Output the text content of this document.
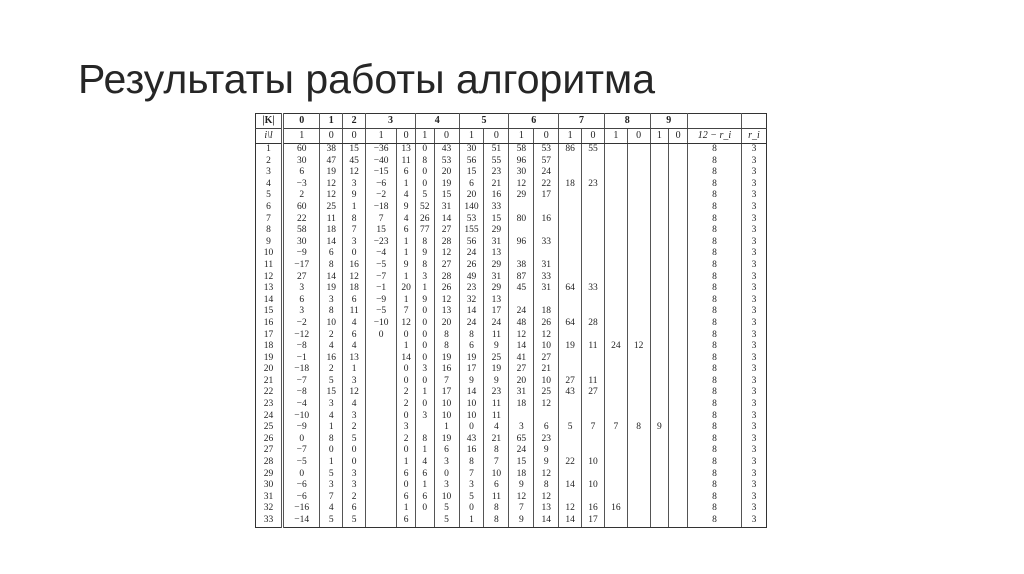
Результаты работы алгоритма
|K|	0	1	2	3		4		5		6		7		8		9			
i\l	1	0	0	1	0	1	0	1	0	1	0	1	0	1	0	1	0	12 − r_i	r_i
1	60	38	15	−36	13	0	43	30	51	58	53	86	55					8	3
2	30	47	45	−40	11	8	53	56	55	96	57							8	3
3	6	19	12	−15	6	0	20	15	23	30	24							8	3
4	−3	12	3	−6	1	0	19	6	21	12	22	18	23					8	3
5	2	12	9	−2	4	5	15	20	16	29	17							8	3
6	60	25	1	−18	9	52	31	140	33									8	3
7	22	11	8	7	4	26	14	53	15	80	16							8	3
8	58	18	7	15	6	77	27	155	29									8	3
9	30	14	3	−23	1	8	28	56	31	96	33							8	3
10	−9	6	0	−4	1	9	12	24	13									8	3
11	−17	8	16	−5	9	8	27	26	29	38	31							8	3
12	27	14	12	−7	1	3	28	49	31	87	33							8	3
13	3	19	18	−1	20	1	26	23	29	45	31	64	33					8	3
14	6	3	6	−9	1	9	12	32	13									8	3
15	3	8	11	−5	7	0	13	14	17	24	18							8	3
16	−2	10	4	−10	12	0	20	24	24	48	26	64	28					8	3
17	−12	2	6	0	0	0	8	8	11	12	12							8	3
18	−8	4	4		1	0	8	6	9	14	10	19	11	24	12			8	3
19	−1	16	13		14	0	19	19	25	41	27							8	3
20	−18	2	1		0	3	16	17	19	27	21							8	3
21	−7	5	3		0	0	7	9	9	20	10	27	11					8	3
22	−8	15	12		2	1	17	14	23	31	25	43	27					8	3
23	−4	3	4		2	0	10	10	11	18	12							8	3
24	−10	4	3		0	3	10	10	11									8	3
25	−9	1	2		3		1	0	4	3	6	5	7	7	8	9		8	3
26	0	8	5		2	8	19	43	21	65	23							8	3
27	−7	0	0		0	1	6	16	8	24	9							8	3
28	−5	1	0		1	4	3	8	7	15	9	22	10					8	3
29	0	5	3		6	6	0	7	10	18	12							8	3
30	−6	3	3		0	1	3	3	6	9	8	14	10					8	3
31	−6	7	2		6	6	10	5	11	12	12							8	3
32	−16	4	6		1	0	5	0	8	7	13	12	16	16				8	3
33	−14	5	5		6		5	1	8	9	14	14	17					8	3
